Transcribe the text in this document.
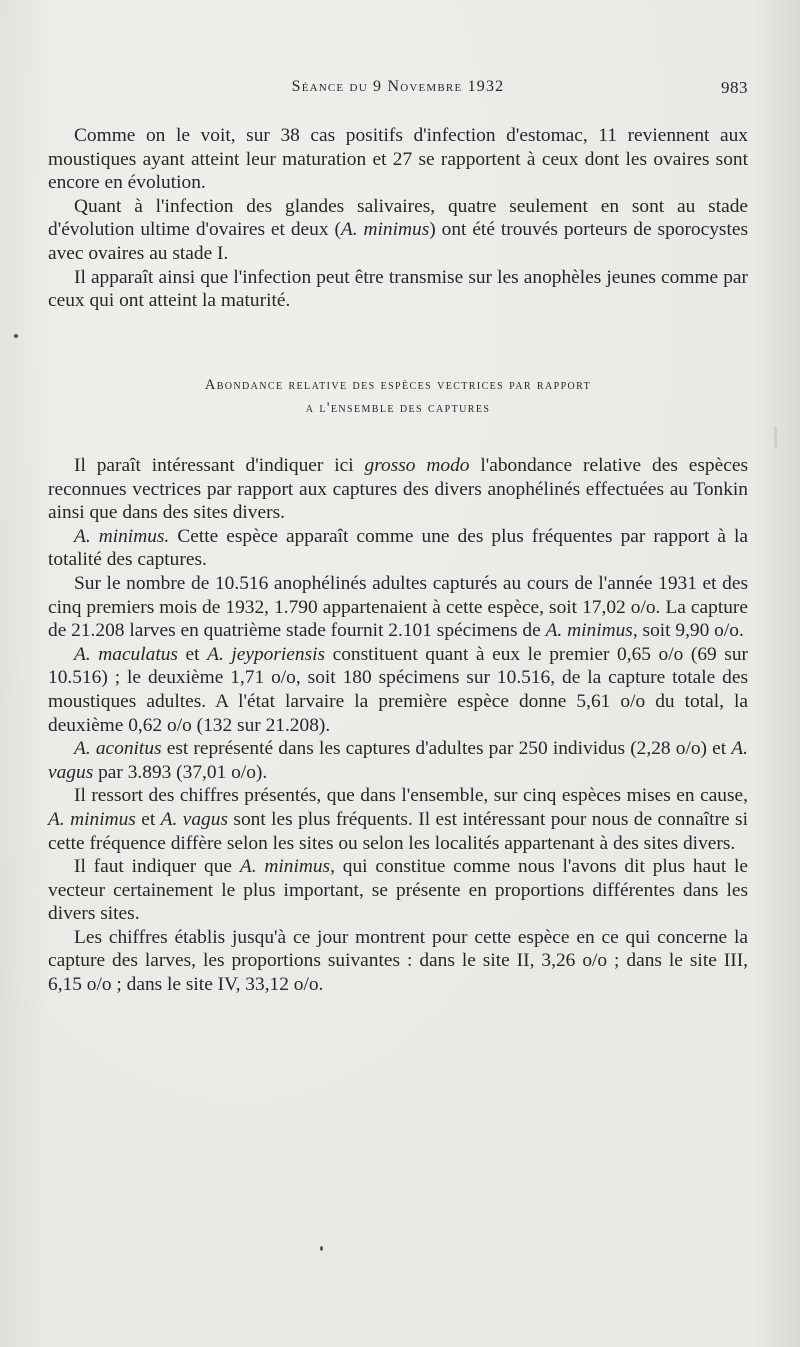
Séance du 9 Novembre 1932	983

Comme on le voit, sur 38 cas positifs d'infection d'estomac, 11 reviennent aux moustiques ayant atteint leur maturation et 27 se rapportent à ceux dont les ovaires sont encore en évolution.

Quant à l'infection des glandes salivaires, quatre seulement en sont au stade d'évolution ultime d'ovaires et deux (A. minimus) ont été trouvés porteurs de sporocystes avec ovaires au stade I.

Il apparaît ainsi que l'infection peut être transmise sur les anophèles jeunes comme par ceux qui ont atteint la maturité.

Abondance relative des espèces vectrices par rapport
a l'ensemble des captures

Il paraît intéressant d'indiquer ici grosso modo l'abondance relative des espèces reconnues vectrices par rapport aux captures des divers anophélinés effectuées au Tonkin ainsi que dans des sites divers.

A. minimus. Cette espèce apparaît comme une des plus fréquentes par rapport à la totalité des captures.

Sur le nombre de 10.516 anophélinés adultes capturés au cours de l'année 1931 et des cinq premiers mois de 1932, 1.790 appartenaient à cette espèce, soit 17,02 o/o. La capture de 21.208 larves en quatrième stade fournit 2.101 spécimens de A. minimus, soit 9,90 o/o.

A. maculatus et A. jeyporiensis constituent quant à eux le premier 0,65 o/o (69 sur 10.516) ; le deuxième 1,71 o/o, soit 180 spécimens sur 10.516, de la capture totale des moustiques adultes. A l'état larvaire la première espèce donne 5,61 o/o du total, la deuxième 0,62 o/o (132 sur 21.208).

A. aconitus est représenté dans les captures d'adultes par 250 individus (2,28 o/o) et A. vagus par 3.893 (37,01 o/o).

Il ressort des chiffres présentés, que dans l'ensemble, sur cinq espèces mises en cause, A. minimus et A. vagus sont les plus fréquents. Il est intéressant pour nous de connaître si cette fréquence diffère selon les sites ou selon les localités appartenant à des sites divers.

Il faut indiquer que A. minimus, qui constitue comme nous l'avons dit plus haut le vecteur certainement le plus important, se présente en proportions différentes dans les divers sites.

Les chiffres établis jusqu'à ce jour montrent pour cette espèce en ce qui concerne la capture des larves, les proportions suivantes : dans le site II, 3,26 o/o ; dans le site III, 6,15 o/o ; dans le site IV, 33,12 o/o.
